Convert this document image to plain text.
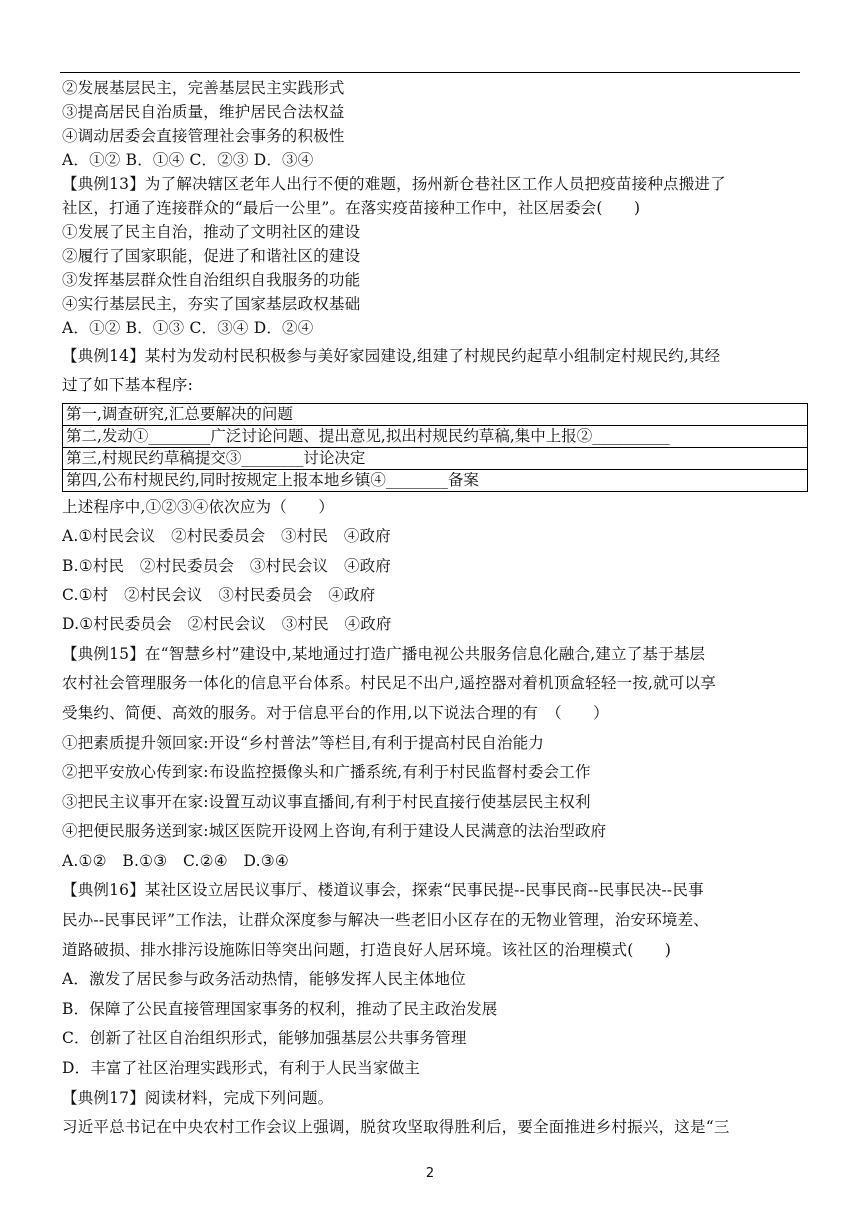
②发展基层民主，完善基层民主实践形式
③提高居民自治质量，维护居民合法权益
④调动居委会直接管理社会事务的积极性
A．①② B．①④ C．②③ D．③④
【典例13】为了解决辖区老年人出行不便的难题，扬州新仓巷社区工作人员把疫苗接种点搬进了
社区，打通了连接群众的“最后一公里”。在落实疫苗接种工作中，社区居委会(　　)
①发展了民主自治，推动了文明社区的建设
②履行了国家职能，促进了和谐社区的建设
③发挥基层群众性自治组织自我服务的功能
④实行基层民主，夯实了国家基层政权基础
A．①② B．①③ C．③④ D．②④
【典例14】某村为发动村民积极参与美好家园建设,组建了村规民约起草小组制定村规民约,其经
过了如下基本程序:
第一,调查研究,汇总要解决的问题
第二,发动①________广泛讨论问题、提出意见,拟出村规民约草稿,集中上报②__________
第三,村规民约草稿提交③________讨论决定
第四,公布村规民约,同时按规定上报本地乡镇④________备案
上述程序中,①②③④依次应为（　　）
A.①村民会议　②村民委员会　③村民　④政府
B.①村民　②村民委员会　③村民会议　④政府
C.①村　②村民会议　③村民委员会　④政府
D.①村民委员会　②村民会议　③村民　④政府
【典例15】在“智慧乡村”建设中,某地通过打造广播电视公共服务信息化融合,建立了基于基层
农村社会管理服务一体化的信息平台体系。村民足不出户,遥控器对着机顶盒轻轻一按,就可以享
受集约、简便、高效的服务。对于信息平台的作用,以下说法合理的有　（　　）
①把素质提升领回家:开设“乡村普法”等栏目,有利于提高村民自治能力
②把平安放心传到家:布设监控摄像头和广播系统,有利于村民监督村委会工作
③把民主议事开在家:设置互动议事直播间,有利于村民直接行使基层民主权利
④把便民服务送到家:城区医院开设网上咨询,有利于建设人民满意的法治型政府
A.①②　B.①③　C.②④　D.③④
【典例16】某社区设立居民议事厅、楼道议事会，探索“民事民提--民事民商--民事民决--民事
民办--民事民评”工作法，让群众深度参与解决一些老旧小区存在的无物业管理，治安环境差、
道路破损、排水排污设施陈旧等突出问题，打造良好人居环境。该社区的治理模式(　　)
A．激发了居民参与政务活动热情，能够发挥人民主体地位
B．保障了公民直接管理国家事务的权利，推动了民主政治发展
C．创新了社区自治组织形式，能够加强基层公共事务管理
D．丰富了社区治理实践形式，有利于人民当家做主
【典例17】阅读材料，完成下列问题。
习近平总书记在中央农村工作会议上强调，脱贫攻坚取得胜利后，要全面推进乡村振兴，这是“三
2
